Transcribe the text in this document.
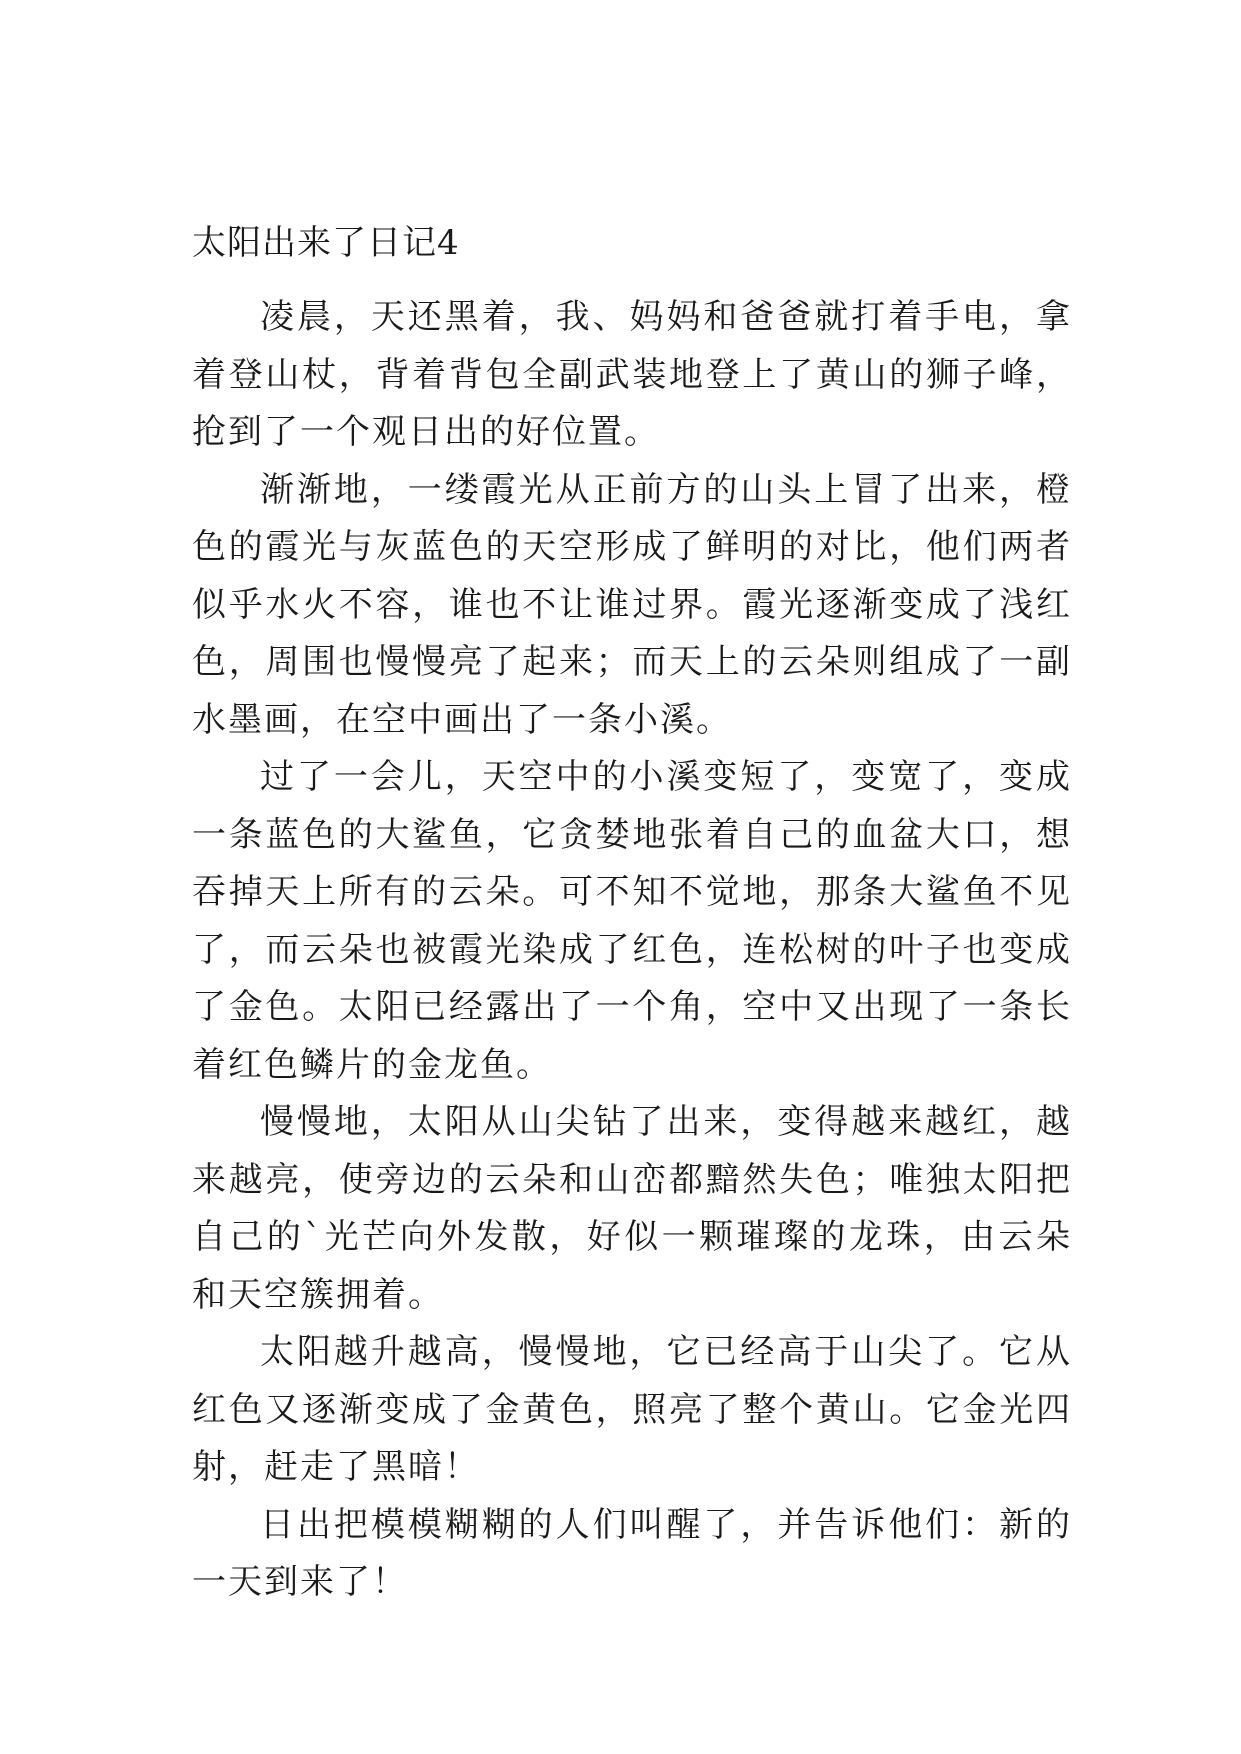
太阳出来了日记4

凌晨，天还黑着，我、妈妈和爸爸就打着手电，拿着登山杖，背着背包全副武装地登上了黄山的狮子峰，抢到了一个观日出的好位置。

渐渐地，一缕霞光从正前方的山头上冒了出来，橙色的霞光与灰蓝色的天空形成了鲜明的对比，他们两者似乎水火不容，谁也不让谁过界。霞光逐渐变成了浅红色，周围也慢慢亮了起来；而天上的云朵则组成了一副水墨画，在空中画出了一条小溪。

过了一会儿，天空中的小溪变短了，变宽了，变成一条蓝色的大鲨鱼，它贪婪地张着自己的血盆大口，想吞掉天上所有的云朵。可不知不觉地，那条大鲨鱼不见了，而云朵也被霞光染成了红色，连松树的叶子也变成了金色。太阳已经露出了一个角，空中又出现了一条长着红色鳞片的金龙鱼。

慢慢地，太阳从山尖钻了出来，变得越来越红，越来越亮，使旁边的云朵和山峦都黯然失色；唯独太阳把自己的`光芒向外发散，好似一颗璀璨的龙珠，由云朵和天空簇拥着。

太阳越升越高，慢慢地，它已经高于山尖了。它从红色又逐渐变成了金黄色，照亮了整个黄山。它金光四射，赶走了黑暗！

日出把模模糊糊的人们叫醒了，并告诉他们：新的一天到来了！
